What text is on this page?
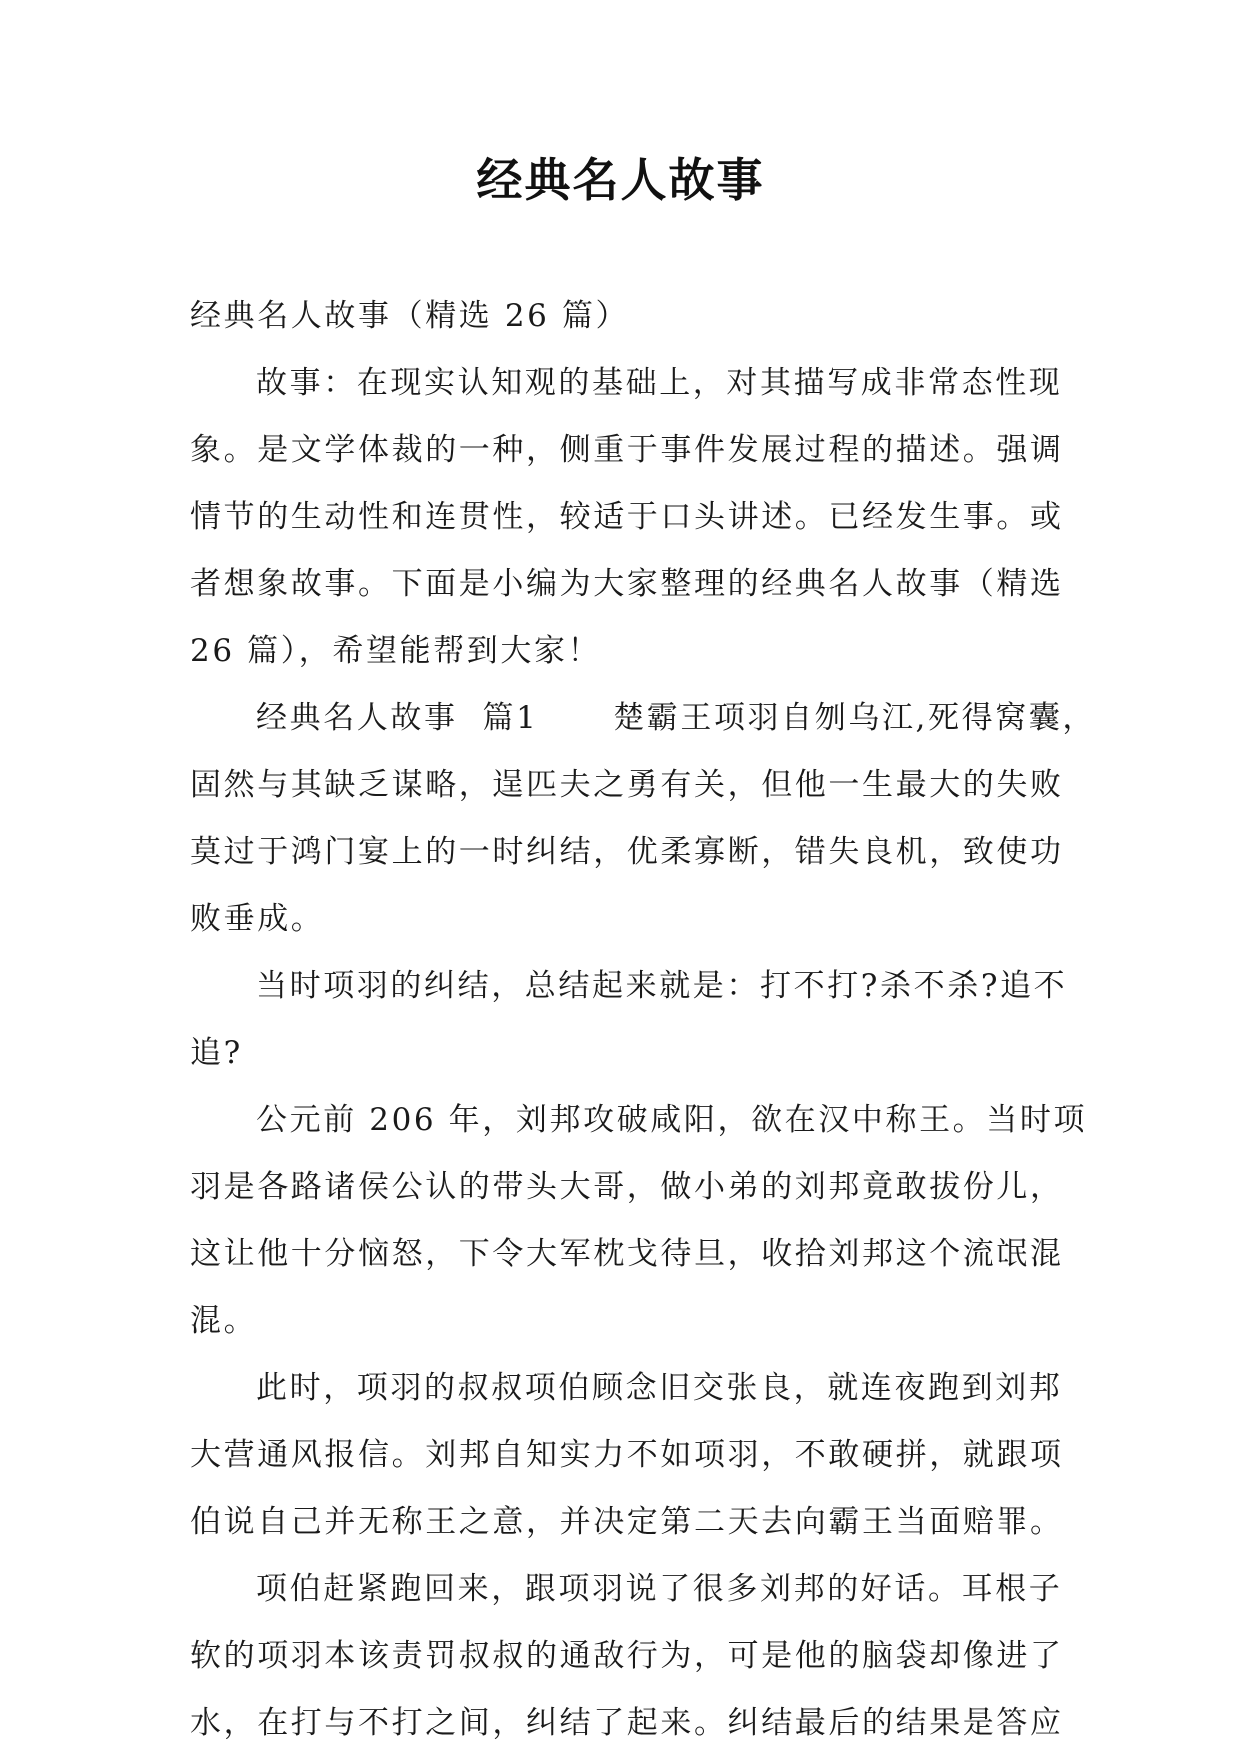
经典名人故事
经典名人故事（精选 26 篇）
故事：在现实认知观的基础上，对其描写成非常态性现
象。是文学体裁的一种，侧重于事件发展过程的描述。强调
情节的生动性和连贯性，较适于口头讲述。已经发生事。或
者想象故事。下面是小编为大家整理的经典名人故事（精选
26 篇），希望能帮到大家！
经典名人故事  篇1      楚霸王项羽自刎乌江,死得窝囊，
固然与其缺乏谋略，逞匹夫之勇有关，但他一生最大的失败
莫过于鸿门宴上的一时纠结，优柔寡断，错失良机，致使功
败垂成。
当时项羽的纠结，总结起来就是：打不打?杀不杀?追不
追?
公元前 206 年，刘邦攻破咸阳，欲在汉中称王。当时项
羽是各路诸侯公认的带头大哥，做小弟的刘邦竟敢拔份儿，
这让他十分恼怒，下令大军枕戈待旦，收拾刘邦这个流氓混
混。
此时，项羽的叔叔项伯顾念旧交张良，就连夜跑到刘邦
大营通风报信。刘邦自知实力不如项羽，不敢硬拼，就跟项
伯说自己并无称王之意，并决定第二天去向霸王当面赔罪。
项伯赶紧跑回来，跟项羽说了很多刘邦的好话。耳根子
软的项羽本该责罚叔叔的通敌行为，可是他的脑袋却像进了
水，在打与不打之间，纠结了起来。纠结最后的结果是答应
